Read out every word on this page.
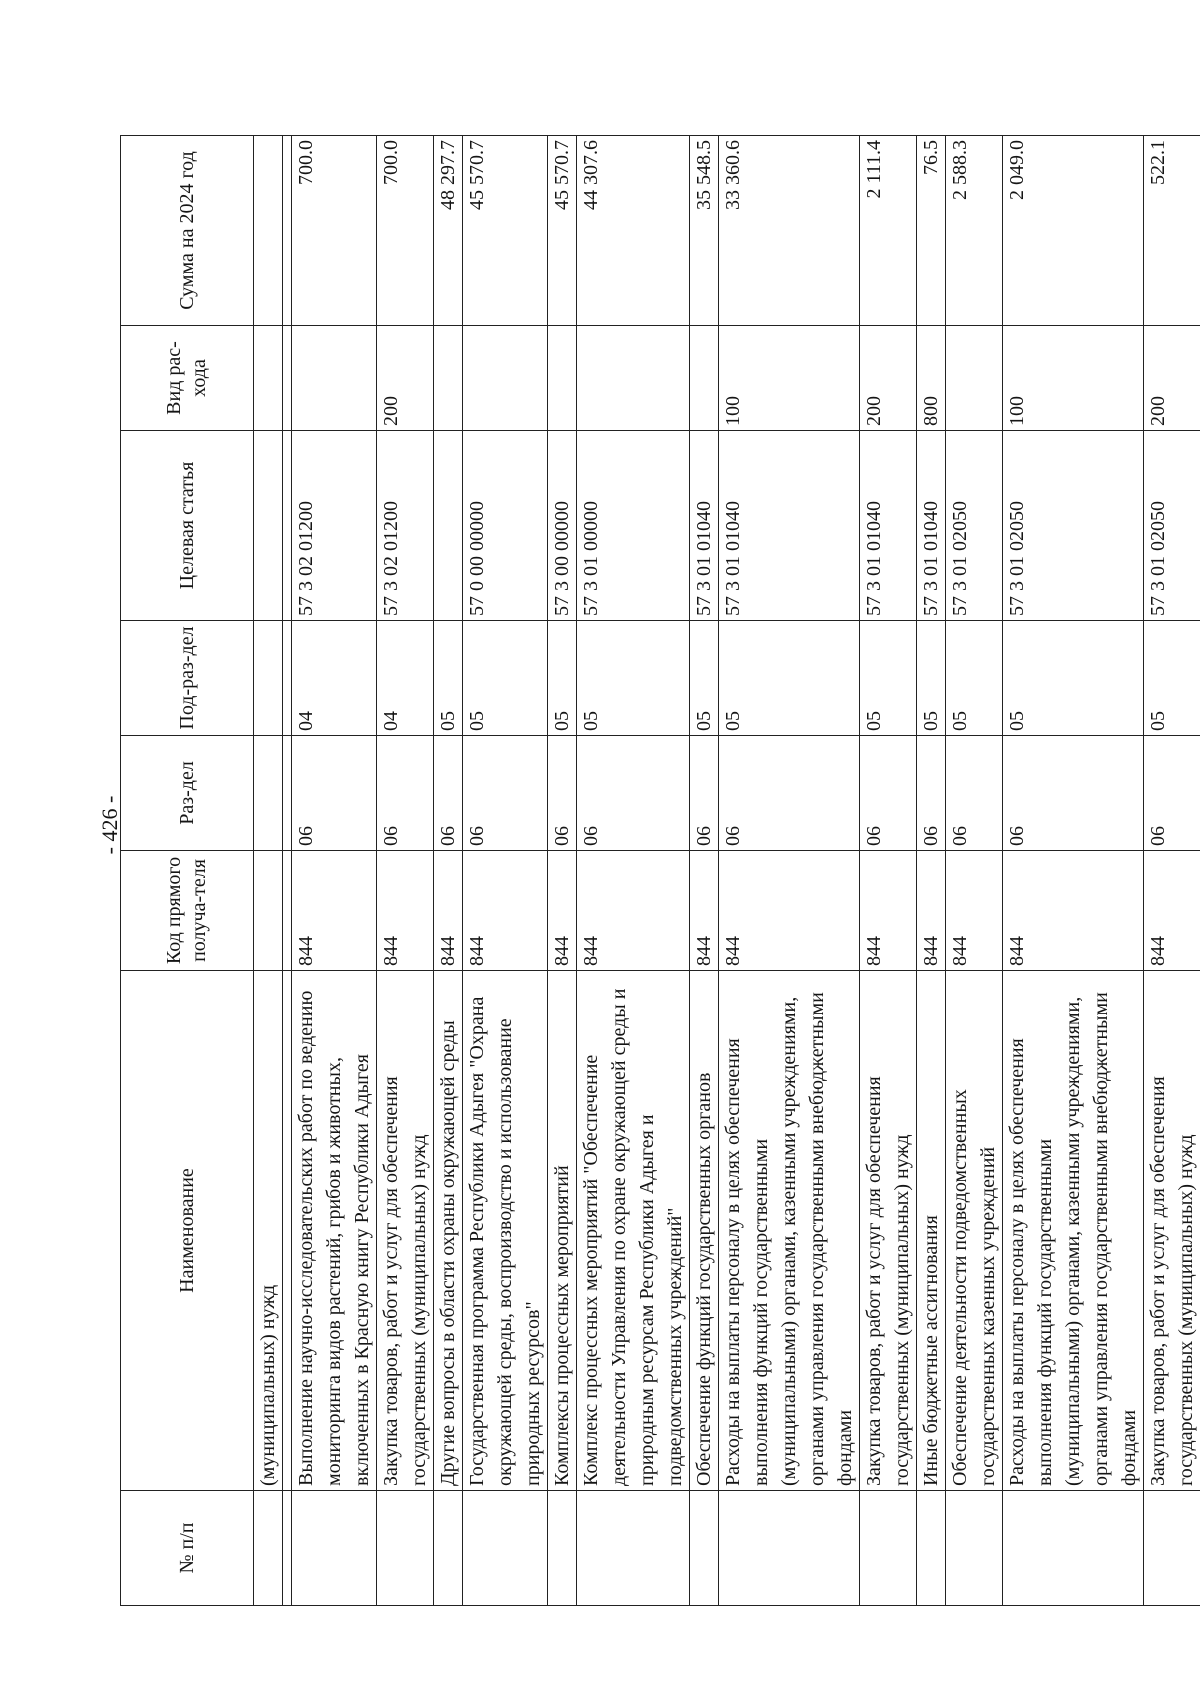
- 426 -
№ п/п	Наименование	Код прямого получа-теля	Раз-дел	Под-раз-дел	Целевая статья	Вид рас-хода	Сумма на 2024 год
	(муниципальных) нужд						

	Выполнение научно-исследовательских работ по ведению мониторинга видов растений, грибов и животных, включенных в Красную книгу Республики Адыгея	844	06	04	57 3 02 01200		700.0
	Закупка товаров, работ и услуг для обеспечения государственных (муниципальных) нужд	844	06	04	57 3 02 01200	200	700.0
	Другие вопросы в области охраны окружающей среды	844	06	05			48 297.7
	Государственная программа Республики Адыгея "Охрана окружающей среды, воспроизводство и использование природных ресурсов"	844	06	05	57 0 00 00000		45 570.7
	Комплексы процессных мероприятий	844	06	05	57 3 00 00000		45 570.7
	Комплекс процессных мероприятий "Обеспечение деятельности Управления по охране окружающей среды и природным ресурсам Республики Адыгея и подведомственных учреждений"	844	06	05	57 3 01 00000		44 307.6
	Обеспечение функций государственных органов	844	06	05	57 3 01 01040		35 548.5
	Расходы на выплаты персоналу в целях обеспечения выполнения функций государственными (муниципальными) органами, казенными учреждениями, органами управления государственными внебюджетными фондами	844	06	05	57 3 01 01040	100	33 360.6
	Закупка товаров, работ и услуг для обеспечения государственных (муниципальных) нужд	844	06	05	57 3 01 01040	200	2 111.4
	Иные бюджетные ассигнования	844	06	05	57 3 01 01040	800	76.5
	Обеспечение деятельности подведомственных государственных казенных учреждений	844	06	05	57 3 01 02050		2 588.3
	Расходы на выплаты персоналу в целях обеспечения выполнения функций государственными (муниципальными) органами, казенными учреждениями, органами управления государственными внебюджетными фондами	844	06	05	57 3 01 02050	100	2 049.0
	Закупка товаров, работ и услуг для обеспечения государственных (муниципальных) нужд	844	06	05	57 3 01 02050	200	522.1
